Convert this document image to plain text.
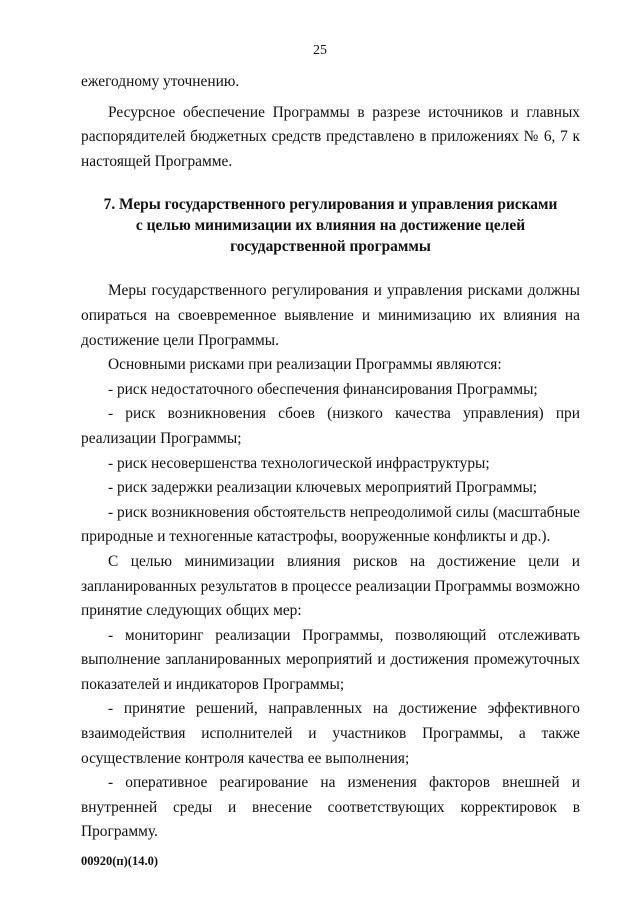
25

ежегодному уточнению.

Ресурсное обеспечение Программы в разрезе источников и главных распорядителей бюджетных средств представлено в приложениях № 6, 7 к настоящей Программе.

7. Меры государственного регулирования и управления рисками
с целью минимизации их влияния на достижение целей
государственной программы

Меры государственного регулирования и управления рисками должны опираться на своевременное выявление и минимизацию их влияния на достижение цели Программы.

Основными рисками при реализации Программы являются:

- риск недостаточного обеспечения финансирования Программы;

- риск возникновения сбоев (низкого качества управления) при реализации Программы;

- риск несовершенства технологической инфраструктуры;

- риск задержки реализации ключевых мероприятий Программы;

- риск возникновения обстоятельств непреодолимой силы (масштабные природные и техногенные катастрофы, вооруженные конфликты и др.).

С целью минимизации влияния рисков на достижение цели и запланированных результатов в процессе реализации Программы возможно принятие следующих общих мер:

- мониторинг реализации Программы, позволяющий отслеживать выполнение запланированных мероприятий и достижения промежуточных показателей и индикаторов Программы;

- принятие решений, направленных на достижение эффективного взаимодействия исполнителей и участников Программы, а также осуществление контроля качества ее выполнения;

- оперативное реагирование на изменения факторов внешней и внутренней среды и внесение соответствующих корректировок в Программу.

00920(п)(14.0)
